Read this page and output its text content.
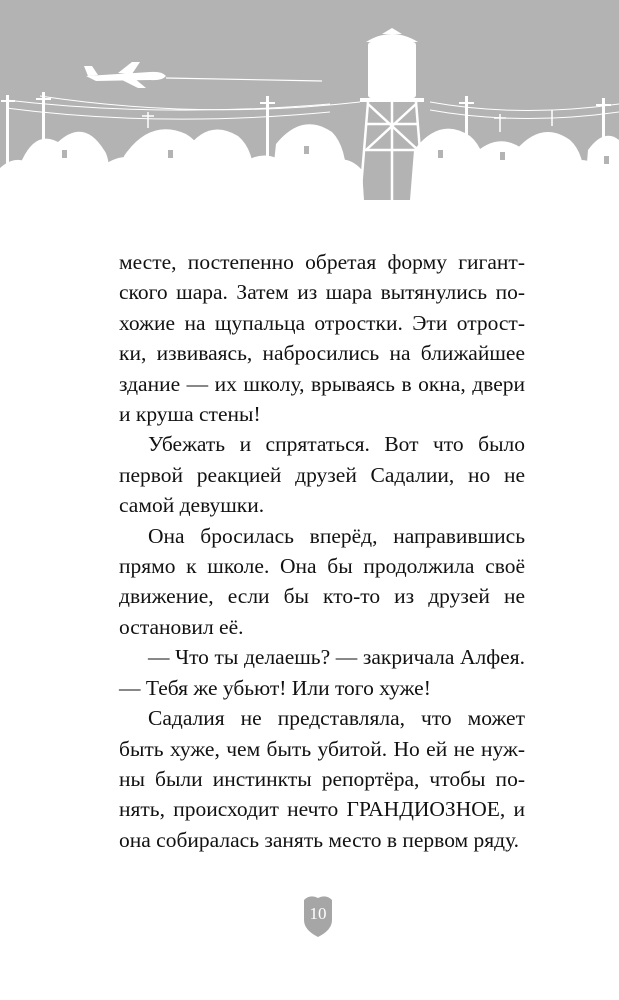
месте, постепенно обретая форму гигантского шара. Затем из шара вытянулись похожие на щупальца отростки. Эти отростки, извиваясь, набросились на ближайшее здание — их школу, врываясь в окна, двери и круша стены!

Убежать и спрятаться. Вот что было первой реакцией друзей Садалии, но не самой девушки.

Она бросилась вперёд, направившись прямо к школе. Она бы продолжила своё движение, если бы кто-то из друзей не остановил её.

— Что ты делаешь? — закричала Алфея. — Тебя же убьют! Или того хуже!

Садалия не представляла, что может быть хуже, чем быть убитой. Но ей не нужны были инстинкты репортёра, чтобы понять, происходит нечто ГРАНДИОЗНОЕ, и она собиралась занять место в первом ряду.

10
